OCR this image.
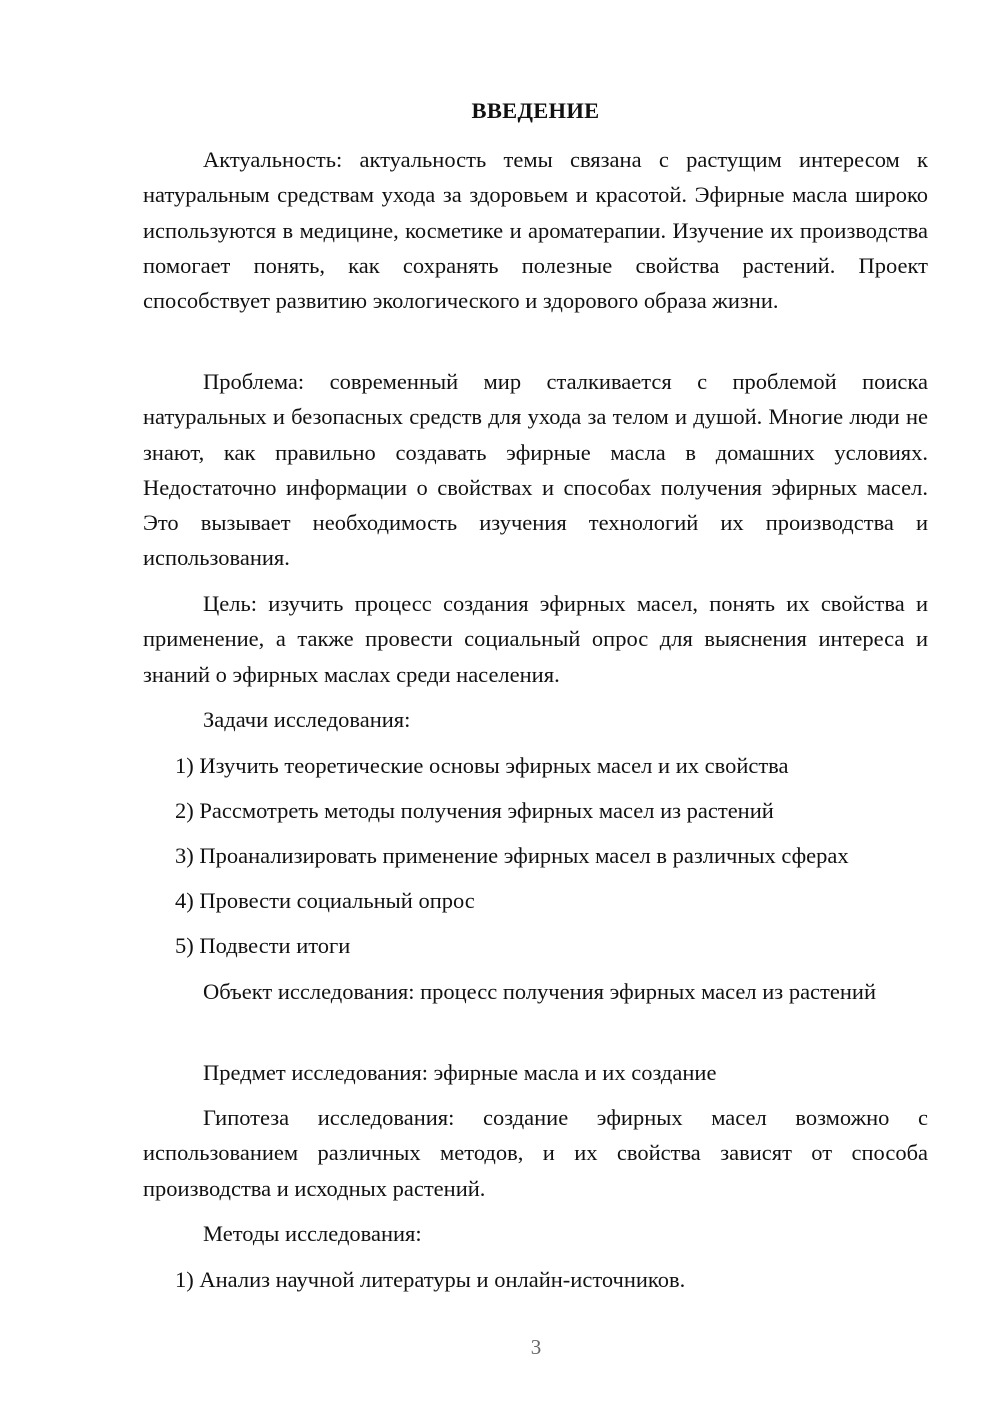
ВВЕДЕНИЕ
Актуальность: актуальность темы связана с растущим интересом к натуральным средствам ухода за здоровьем и красотой. Эфирные масла широко используются в медицине, косметике и ароматерапии. Изучение их производства помогает понять, как сохранять полезные свойства растений. Проект способствует развитию экологического и здорового образа жизни.
Проблема: современный мир сталкивается с проблемой поиска натуральных и безопасных средств для ухода за телом и душой. Многие люди не знают, как правильно создавать эфирные масла в домашних условиях. Недостаточно информации о свойствах и способах получения эфирных масел. Это вызывает необходимость изучения технологий их производства и использования.
Цель: изучить процесс создания эфирных масел, понять их свойства и применение, а также провести социальный опрос для выяснения интереса и знаний о эфирных маслах среди населения.
Задачи исследования:
1) Изучить теоретические основы эфирных масел и их свойства
2) Рассмотреть методы получения эфирных масел из растений
3) Проанализировать применение эфирных масел в различных сферах
4) Провести социальный опрос
5) Подвести итоги
Объект исследования: процесс получения эфирных масел из растений
Предмет исследования: эфирные масла и их создание
Гипотеза исследования: создание эфирных масел возможно с использованием различных методов, и их свойства зависят от способа производства и исходных растений.
Методы исследования:
1) Анализ научной литературы и онлайн-источников.
3
